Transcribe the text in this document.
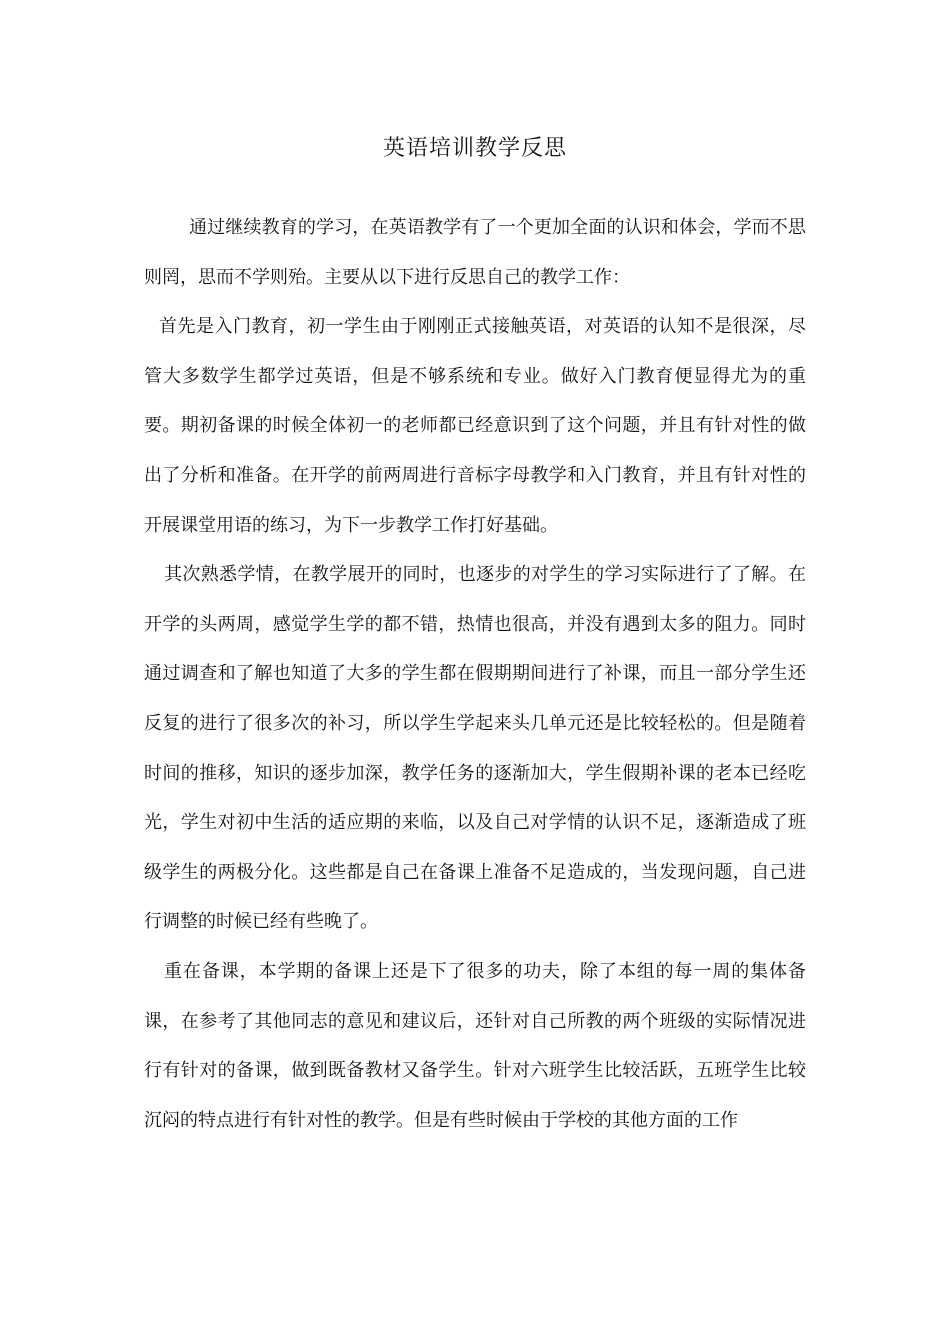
英语培训教学反思

通过继续教育的学习，在英语教学有了一个更加全面的认识和体会，学而不思则罔，思而不学则殆。主要从以下进行反思自己的教学工作：

首先是入门教育，初一学生由于刚刚正式接触英语，对英语的认知不是很深，尽管大多数学生都学过英语，但是不够系统和专业。做好入门教育便显得尤为的重要。期初备课的时候全体初一的老师都已经意识到了这个问题，并且有针对性的做出了分析和准备。在开学的前两周进行音标字母教学和入门教育，并且有针对性的开展课堂用语的练习，为下一步教学工作打好基础。

其次熟悉学情，在教学展开的同时，也逐步的对学生的学习实际进行了了解。在开学的头两周，感觉学生学的都不错，热情也很高，并没有遇到太多的阻力。同时通过调查和了解也知道了大多的学生都在假期期间进行了补课，而且一部分学生还反复的进行了很多次的补习，所以学生学起来头几单元还是比较轻松的。但是随着时间的推移，知识的逐步加深，教学任务的逐渐加大，学生假期补课的老本已经吃光，学生对初中生活的适应期的来临，以及自己对学情的认识不足，逐渐造成了班级学生的两极分化。这些都是自己在备课上准备不足造成的，当发现问题，自己进行调整的时候已经有些晚了。

重在备课，本学期的备课上还是下了很多的功夫，除了本组的每一周的集体备课，在参考了其他同志的意见和建议后，还针对自己所教的两个班级的实际情况进行有针对的备课，做到既备教材又备学生。针对六班学生比较活跃，五班学生比较沉闷的特点进行有针对性的教学。但是有些时候由于学校的其他方面的工作
